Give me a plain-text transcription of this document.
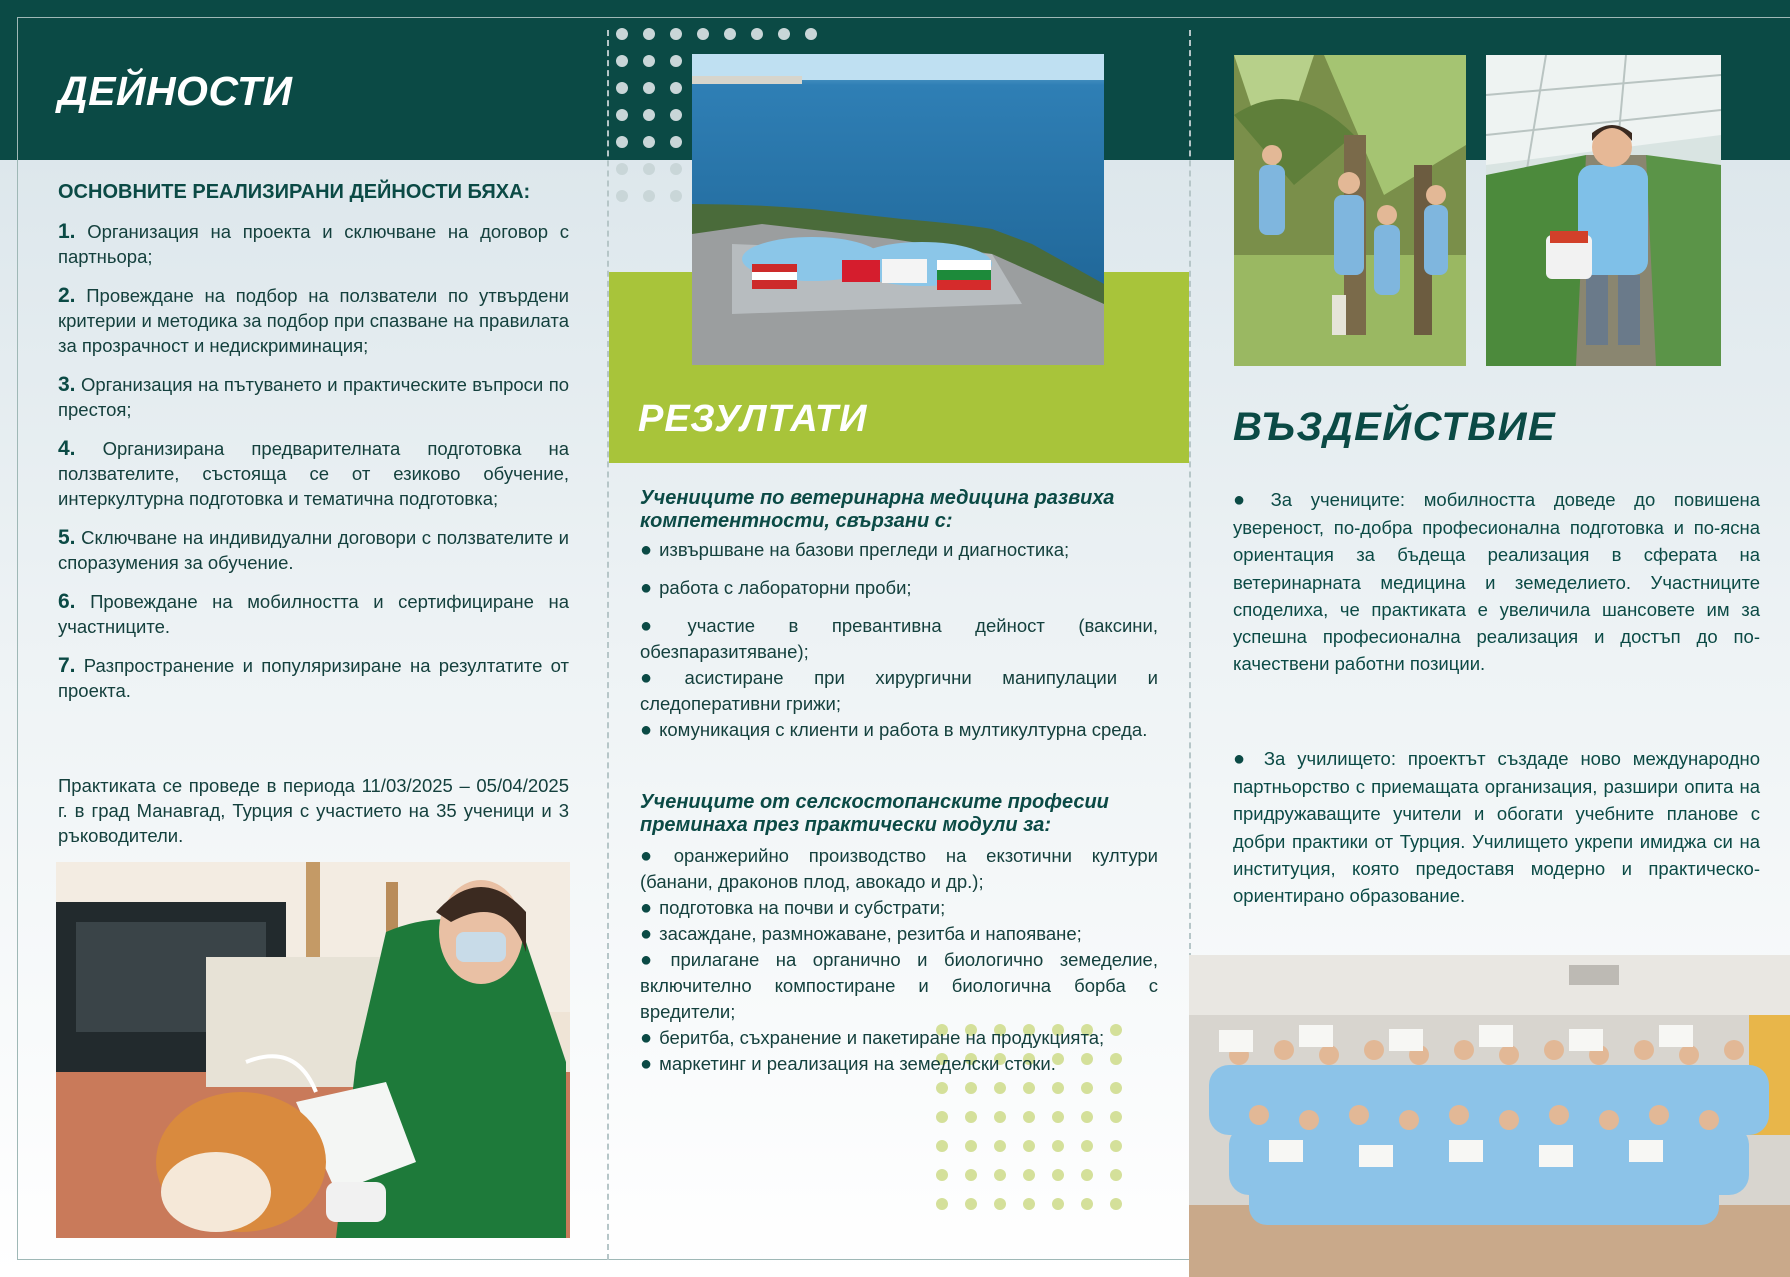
ДЕЙНОСТИ
ОСНОВНИТЕ РЕАЛИЗИРАНИ ДЕЙНОСТИ БЯХА:
1. Организация на проекта и сключване на договор с партньора;
2. Провеждане на подбор на ползватели по утвърдени критерии и методика за подбор при спазване на правилата за прозрачност и недискриминация;
3. Организация на пътуването и практическите въпроси по престоя;
4. Организирана предварителната подготовка на ползвателите, състояща се от езиково обучение, интеркултурна подготовка и тематична подготовка;
5. Сключване на индивидуални договори с ползвателите и споразумения за обучение.
6. Провеждане на мобилността и сертифициране на участниците.
7. Разпространение и популяризиране на резултатите от проекта.

Практиката се проведе в периода 11/03/2025 – 05/04/2025 г. в град Манавгад, Турция с участието на 35 ученици и 3 ръководители.

РЕЗУЛТАТИ

Учениците по ветеринарна медицина развиха компетентности, свързани с:

● извършване на базови прегледи и диагностика;
● работа с лабораторни проби;
● участие в превантивна дейност (ваксини, обезпаразитяване);
● асистиране при хирургични манипулации и следоперативни грижи;
● комуникация с клиенти и работа в мултикултурна среда.

Учениците от селскостопанските професии преминаха през практически модули за:

● оранжерийно производство на екзотични култури (банани, драконов плод, авокадо и др.);
● подготовка на почви и субстрати;
● засаждане, размножаване, резитба и напояване;
● прилагане на органично и биологично земеделие, включително компостиране и биологична борба с вредители;
● беритба, съхранение и пакетиране на продукцията;
● маркетинг и реализация на земеделски стоки.
ВЪЗДЕЙСТВИЕ

● За учениците: мобилността доведе до повишена увереност, по-добра професионална подготовка и по-ясна ориентация за бъдеща реализация в сферата на ветеринарната медицина и земеделието. Участниците споделиха, че практиката е увеличила шансовете им за успешна професионална реализация и достъп до по-качествени работни позиции.

● За училището: проектът създаде ново международно партньорство с приемащата организация, разшири опита на придружаващите учители и обогати учебните планове с добри практики от Турция. Училището укрепи имиджа си на институция, която предоставя модерно и практическо-ориентирано образование.
